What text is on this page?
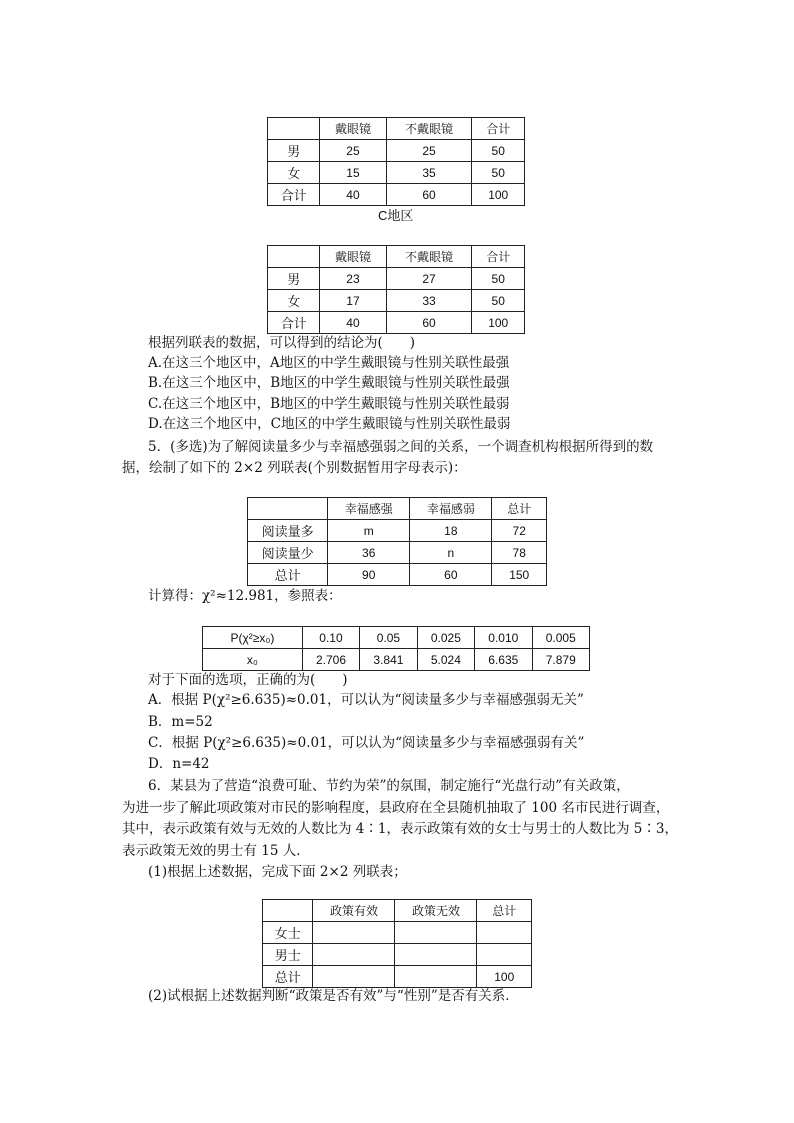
	戴眼镜	不戴眼镜	合计
男	25	25	50
女	15	35	50
合计	40	60	100
C地区
	戴眼镜	不戴眼镜	合计
男	23	27	50
女	17	33	50
合计	40	60	100
根据列联表的数据，可以得到的结论为(　　)
A.在这三个地区中，A地区的中学生戴眼镜与性别关联性最强
B.在这三个地区中，B地区的中学生戴眼镜与性别关联性最强
C.在这三个地区中，B地区的中学生戴眼镜与性别关联性最弱
D.在这三个地区中，C地区的中学生戴眼镜与性别关联性最弱
5．(多选)为了解阅读量多少与幸福感强弱之间的关系，一个调查机构根据所得到的数
据，绘制了如下的 2×2 列联表(个别数据暂用字母表示)：
	幸福感强	幸福感弱	总计
阅读量多	m	18	72
阅读量少	36	n	78
总计	90	60	150
计算得：χ²≈12.981，参照表：
P(χ²≥x₀)	0.10	0.05	0.025	0.010	0.005
x₀	2.706	3.841	5.024	6.635	7.879
对于下面的选项，正确的为(　　)
A．根据 P(χ²≥6.635)≈0.01，可以认为“阅读量多少与幸福感强弱无关”
B．m=52
C．根据 P(χ²≥6.635)≈0.01，可以认为“阅读量多少与幸福感强弱有关”
D．n=42
6．某县为了营造“浪费可耻、节约为荣”的氛围，制定施行“光盘行动”有关政策，
为进一步了解此项政策对市民的影响程度，县政府在全县随机抽取了 100 名市民进行调查，
其中，表示政策有效与无效的人数比为 4∶1，表示政策有效的女士与男士的人数比为 5∶3，
表示政策无效的男士有 15 人．
(1)根据上述数据，完成下面 2×2 列联表；
	政策有效	政策无效	总计
女士			
男士			
总计			100
(2)试根据上述数据判断“政策是否有效”与“性别”是否有关系．
